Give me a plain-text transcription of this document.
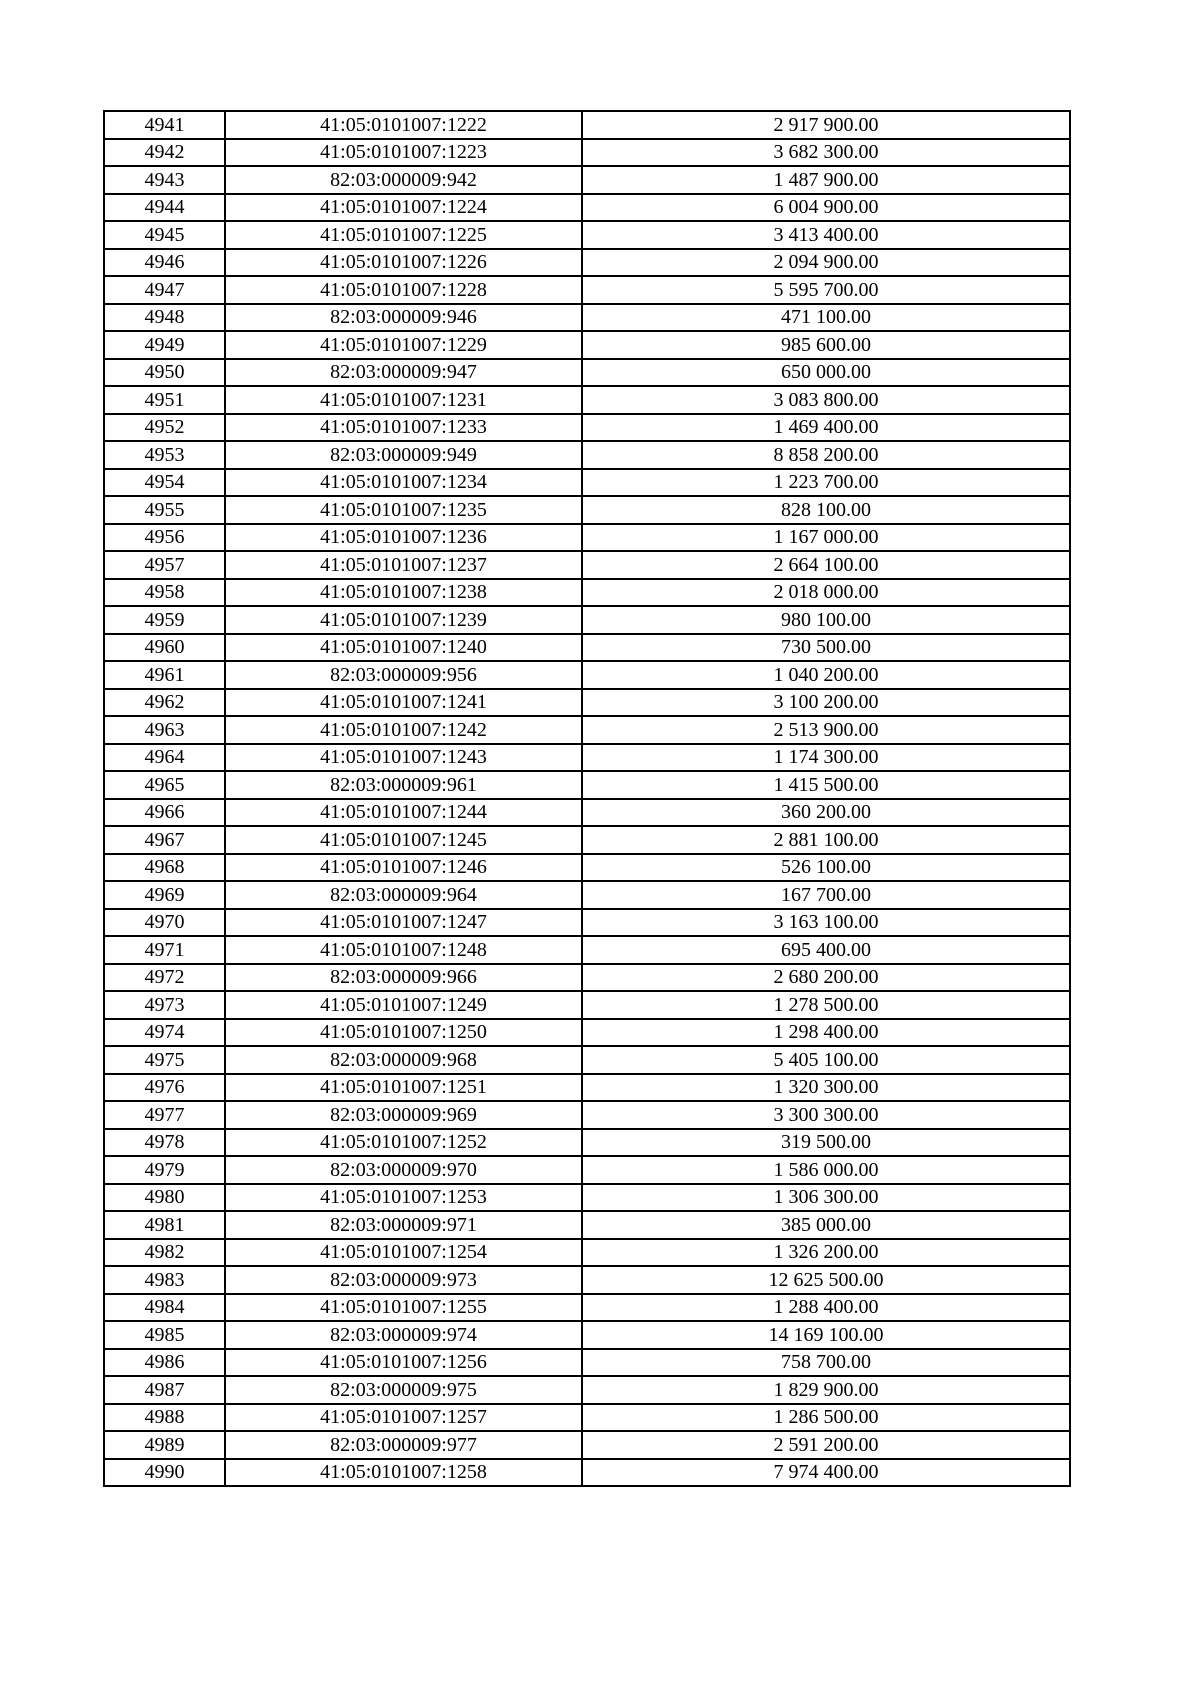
4941	41:05:0101007:1222	2 917 900.00
4942	41:05:0101007:1223	3 682 300.00
4943	82:03:000009:942	1 487 900.00
4944	41:05:0101007:1224	6 004 900.00
4945	41:05:0101007:1225	3 413 400.00
4946	41:05:0101007:1226	2 094 900.00
4947	41:05:0101007:1228	5 595 700.00
4948	82:03:000009:946	471 100.00
4949	41:05:0101007:1229	985 600.00
4950	82:03:000009:947	650 000.00
4951	41:05:0101007:1231	3 083 800.00
4952	41:05:0101007:1233	1 469 400.00
4953	82:03:000009:949	8 858 200.00
4954	41:05:0101007:1234	1 223 700.00
4955	41:05:0101007:1235	828 100.00
4956	41:05:0101007:1236	1 167 000.00
4957	41:05:0101007:1237	2 664 100.00
4958	41:05:0101007:1238	2 018 000.00
4959	41:05:0101007:1239	980 100.00
4960	41:05:0101007:1240	730 500.00
4961	82:03:000009:956	1 040 200.00
4962	41:05:0101007:1241	3 100 200.00
4963	41:05:0101007:1242	2 513 900.00
4964	41:05:0101007:1243	1 174 300.00
4965	82:03:000009:961	1 415 500.00
4966	41:05:0101007:1244	360 200.00
4967	41:05:0101007:1245	2 881 100.00
4968	41:05:0101007:1246	526 100.00
4969	82:03:000009:964	167 700.00
4970	41:05:0101007:1247	3 163 100.00
4971	41:05:0101007:1248	695 400.00
4972	82:03:000009:966	2 680 200.00
4973	41:05:0101007:1249	1 278 500.00
4974	41:05:0101007:1250	1 298 400.00
4975	82:03:000009:968	5 405 100.00
4976	41:05:0101007:1251	1 320 300.00
4977	82:03:000009:969	3 300 300.00
4978	41:05:0101007:1252	319 500.00
4979	82:03:000009:970	1 586 000.00
4980	41:05:0101007:1253	1 306 300.00
4981	82:03:000009:971	385 000.00
4982	41:05:0101007:1254	1 326 200.00
4983	82:03:000009:973	12 625 500.00
4984	41:05:0101007:1255	1 288 400.00
4985	82:03:000009:974	14 169 100.00
4986	41:05:0101007:1256	758 700.00
4987	82:03:000009:975	1 829 900.00
4988	41:05:0101007:1257	1 286 500.00
4989	82:03:000009:977	2 591 200.00
4990	41:05:0101007:1258	7 974 400.00
